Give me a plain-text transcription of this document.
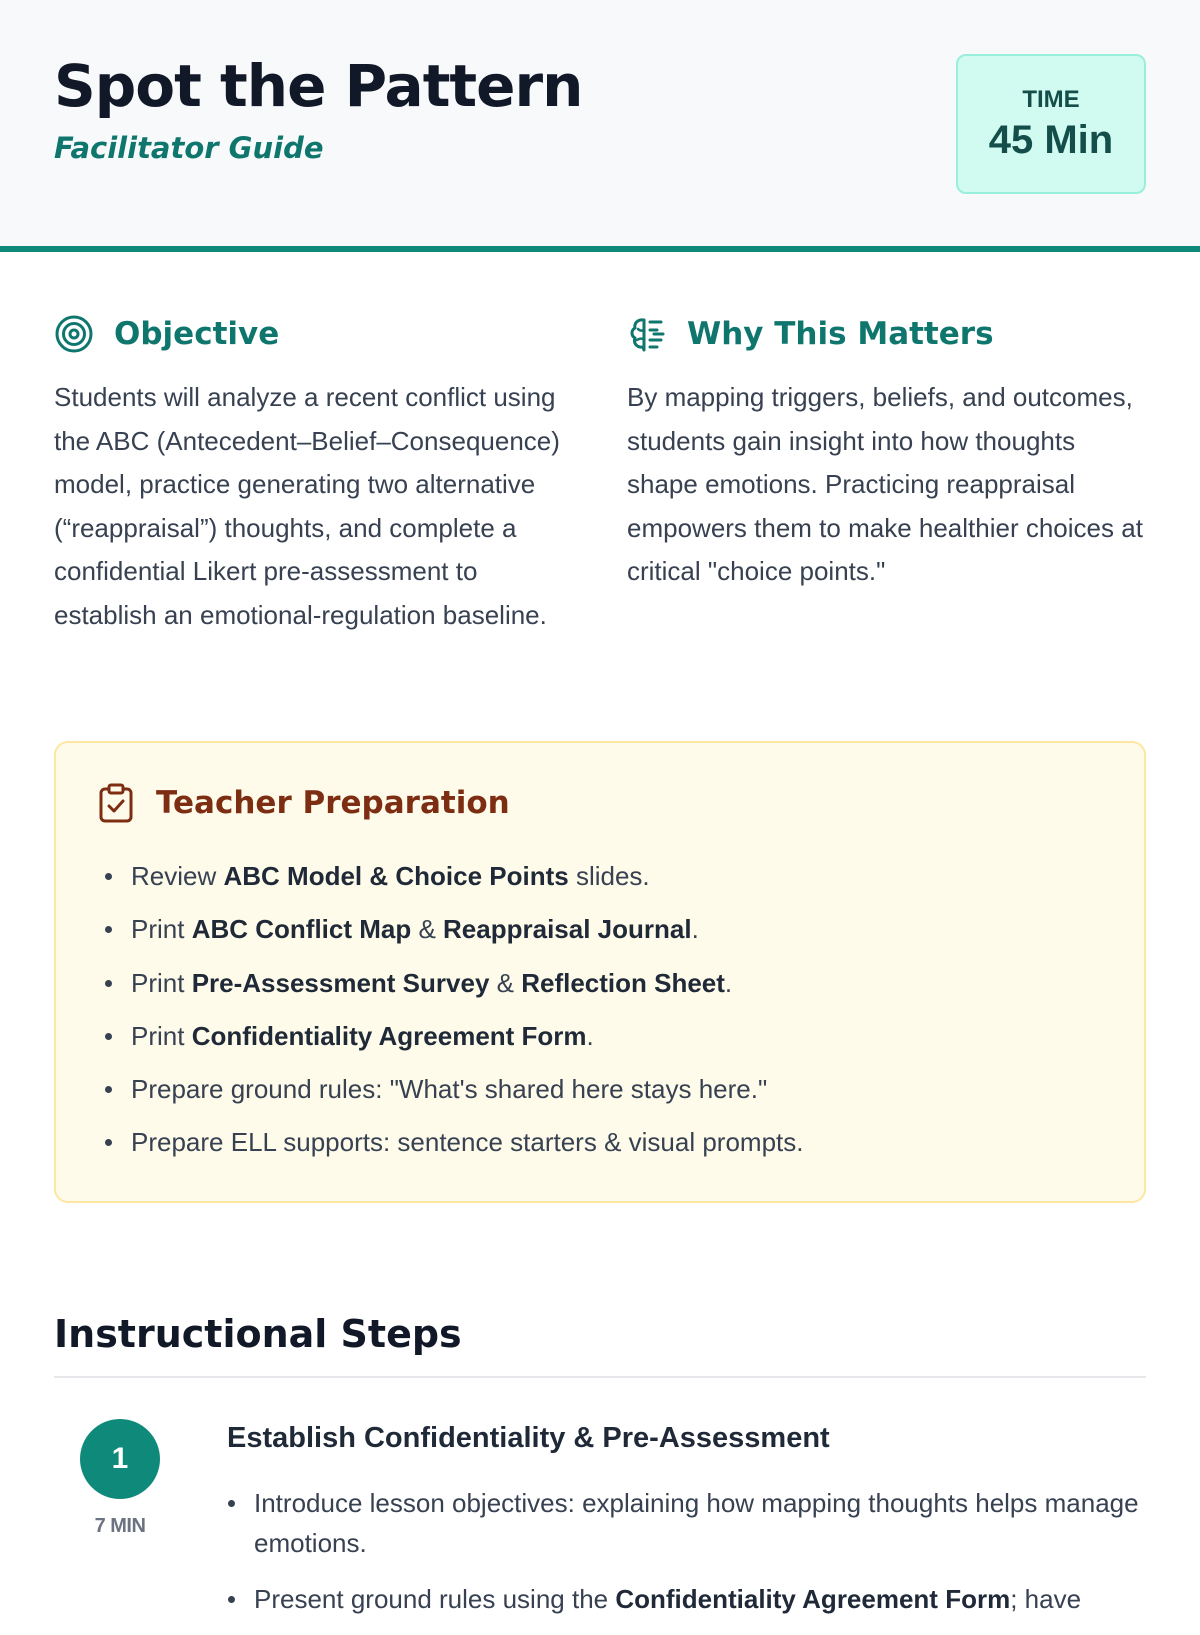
Spot the Pattern
Facilitator Guide
TIME
45 Min
Objective

Students will analyze a recent conflict using the ABC (Antecedent–Belief–Consequence) model, practice generating two alternative (“reappraisal”) thoughts, and complete a confidential Likert pre-assessment to establish an emotional-regulation baseline.

Why This Matters

By mapping triggers, beliefs, and outcomes, students gain insight into how thoughts shape emotions. Practicing reappraisal empowers them to make healthier choices at critical "choice points."

Teacher Preparation
Review ABC Model & Choice Points slides.
Print ABC Conflict Map & Reappraisal Journal.
Print Pre-Assessment Survey & Reflection Sheet.
Print Confidentiality Agreement Form.
Prepare ground rules: "What's shared here stays here."
Prepare ELL supports: sentence starters & visual prompts.
Instructional Steps
1
7 MIN
Establish Confidentiality & Pre-Assessment
Introduce lesson objectives: explaining how mapping thoughts helps manage emotions.
Present ground rules using the Confidentiality Agreement Form; have
